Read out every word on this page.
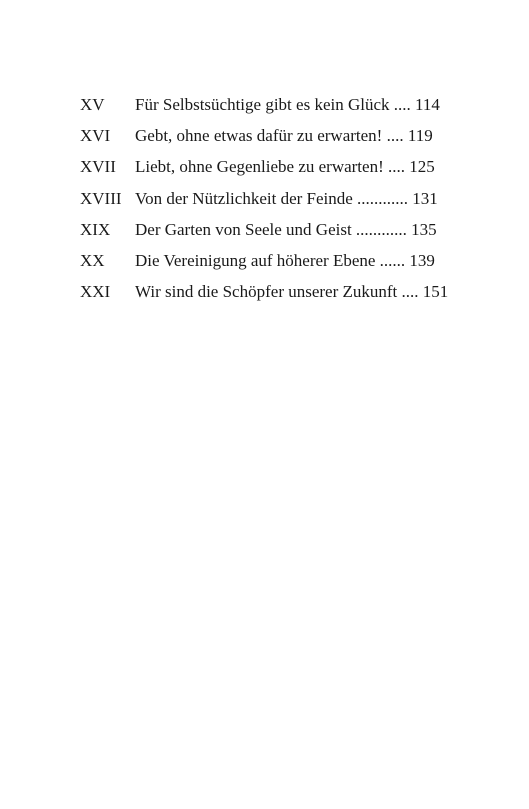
XV Für Selbstsüchtige gibt es kein Glück .... 114
XVI Gebt, ohne etwas dafür zu erwarten! .... 119
XVII Liebt, ohne Gegenliebe zu erwarten! .... 125
XVIII Von der Nützlichkeit der Feinde ............ 131
XIX Der Garten von Seele und Geist ............ 135
XX Die Vereinigung auf höherer Ebene ...... 139
XXI Wir sind die Schöpfer unserer Zukunft .... 151
